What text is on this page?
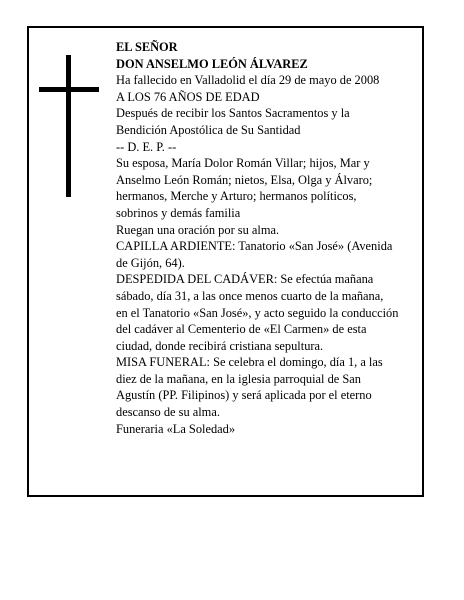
EL SEÑOR
DON ANSELMO LEÓN ÁLVAREZ
Ha fallecido en Valladolid el día 29 de mayo de 2008
A LOS 76 AÑOS DE EDAD
Después de recibir los Santos Sacramentos y la
Bendición Apostólica de Su Santidad
-- D. E. P. --
Su esposa, María Dolor Román Villar; hijos, Mar y
Anselmo León Román; nietos, Elsa, Olga y Álvaro;
hermanos, Merche y Arturo; hermanos políticos,
sobrinos y demás familia
Ruegan una oración por su alma.
CAPILLA ARDIENTE: Tanatorio «San José» (Avenida
de Gijón, 64).
DESPEDIDA DEL CADÁVER: Se efectúa mañana
sábado, día 31, a las once menos cuarto de la mañana,
en el Tanatorio «San José», y acto seguido la conducción
del cadáver al Cementerio de «El Carmen» de esta
ciudad, donde recibirá cristiana sepultura.
MISA FUNERAL: Se celebra el domingo, día 1, a las
diez de la mañana, en la iglesia parroquial de San
Agustín (PP. Filipinos) y será aplicada por el eterno
descanso de su alma.
Funeraria «La Soledad»
